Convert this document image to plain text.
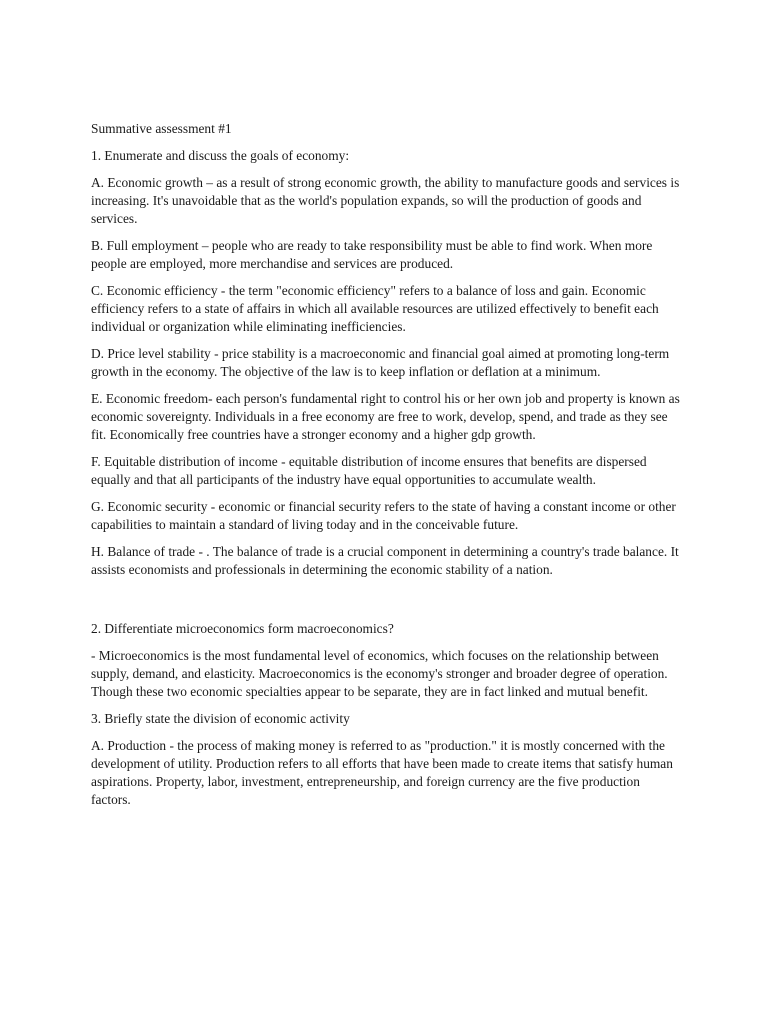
Summative assessment #1

1. Enumerate and discuss the goals of economy:

A. Economic growth – as a result of strong economic growth, the ability to manufacture goods and services is increasing. It's unavoidable that as the world's population expands, so will the production of goods and services.

B. Full employment – people who are ready to take responsibility must be able to find work. When more people are employed, more merchandise and services are produced.

C. Economic efficiency - the term "economic efficiency" refers to a balance of loss and gain. Economic efficiency refers to a state of affairs in which all available resources are utilized effectively to benefit each individual or organization while eliminating inefficiencies.

D. Price level stability - price stability is a macroeconomic and financial goal aimed at promoting long-term growth in the economy. The objective of the law is to keep inflation or deflation at a minimum.

E. Economic freedom- each person's fundamental right to control his or her own job and property is known as economic sovereignty. Individuals in a free economy are free to work, develop, spend, and trade as they see fit. Economically free countries have a stronger economy and a higher gdp growth.

F. Equitable distribution of income - equitable distribution of income ensures that benefits are dispersed equally and that all participants of the industry have equal opportunities to accumulate wealth.

G. Economic security - economic or financial security refers to the state of having a constant income or other capabilities to maintain a standard of living today and in the conceivable future.

H. Balance of trade - . The balance of trade is a crucial component in determining a country's trade balance. It assists economists and professionals in determining the economic stability of a nation.

2. Differentiate microeconomics form macroeconomics?

- Microeconomics is the most fundamental level of economics, which focuses on the relationship between supply, demand, and elasticity. Macroeconomics is the economy's stronger and broader degree of operation. Though these two economic specialties appear to be separate, they are in fact linked and mutual benefit.

3. Briefly state the division of economic activity

A. Production - the process of making money is referred to as "production." it is mostly concerned with the development of utility. Production refers to all efforts that have been made to create items that satisfy human aspirations. Property, labor, investment, entrepreneurship, and foreign currency are the five production factors.
